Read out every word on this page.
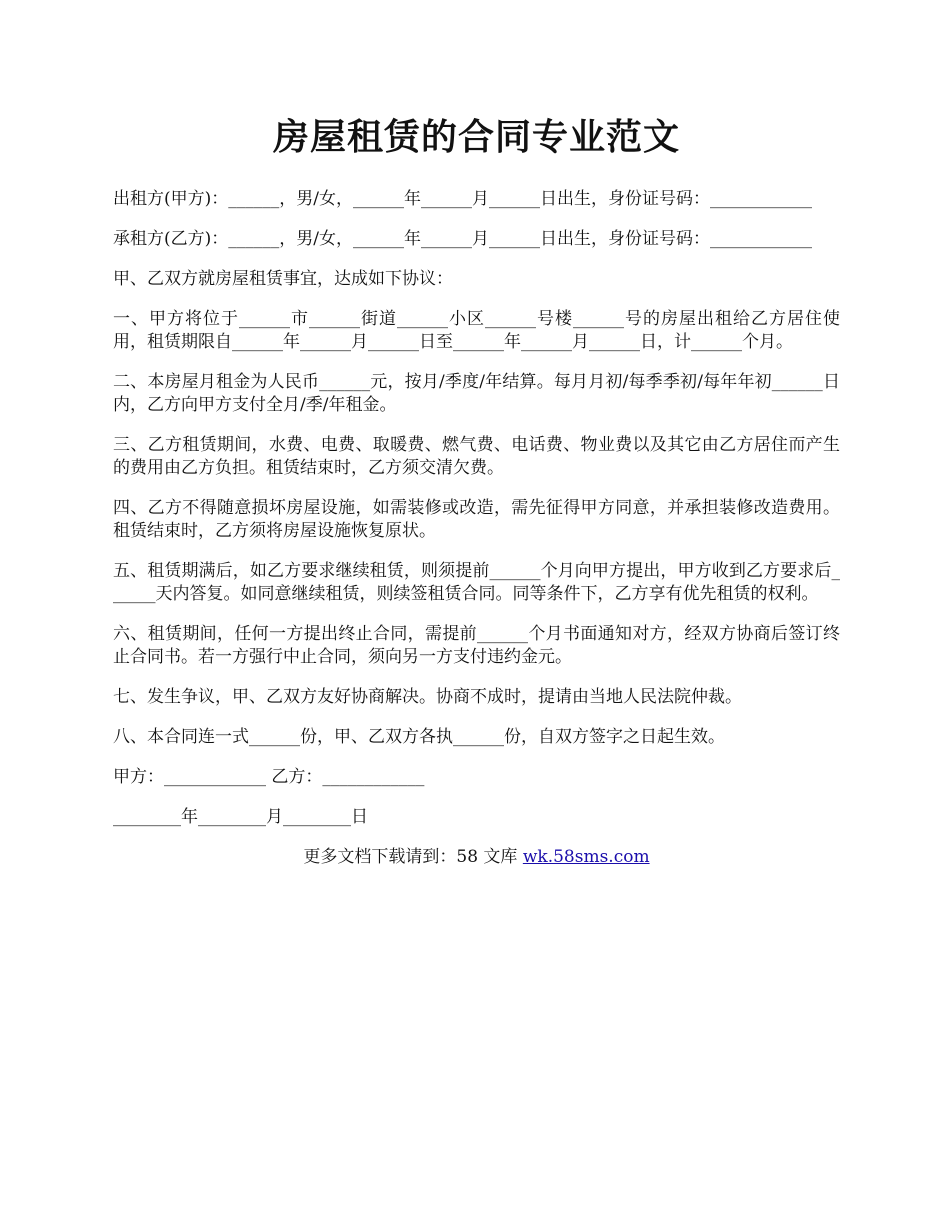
房屋租赁的合同专业范文

出租方(甲方)：______，男/女，______年______月______日出生，身份证号码：____________

承租方(乙方)：______，男/女，______年______月______日出生，身份证号码：____________

甲、乙双方就房屋租赁事宜，达成如下协议：

一、甲方将位于______市______街道______小区______号楼______号的房屋出租给乙方居住使用，租赁期限自______年______月______日至______年______月______日，计______个月。

二、本房屋月租金为人民币______元，按月/季度/年结算。每月月初/每季季初/每年年初______日内，乙方向甲方支付全月/季/年租金。

三、乙方租赁期间，水费、电费、取暖费、燃气费、电话费、物业费以及其它由乙方居住而产生的费用由乙方负担。租赁结束时，乙方须交清欠费。

四、乙方不得随意损坏房屋设施，如需装修或改造，需先征得甲方同意，并承担装修改造费用。租赁结束时，乙方须将房屋设施恢复原状。

五、租赁期满后，如乙方要求继续租赁，则须提前______个月向甲方提出，甲方收到乙方要求后______天内答复。如同意继续租赁，则续签租赁合同。同等条件下，乙方享有优先租赁的权利。

六、租赁期间，任何一方提出终止合同，需提前______个月书面通知对方，经双方协商后签订终止合同书。若一方强行中止合同，须向另一方支付违约金元。

七、发生争议，甲、乙双方友好协商解决。协商不成时，提请由当地人民法院仲裁。

八、本合同连一式______份，甲、乙双方各执______份，自双方签字之日起生效。

甲方：____________ 乙方：____________

________年________月________日

更多文档下载请到：58 文库 wk.58sms.com
